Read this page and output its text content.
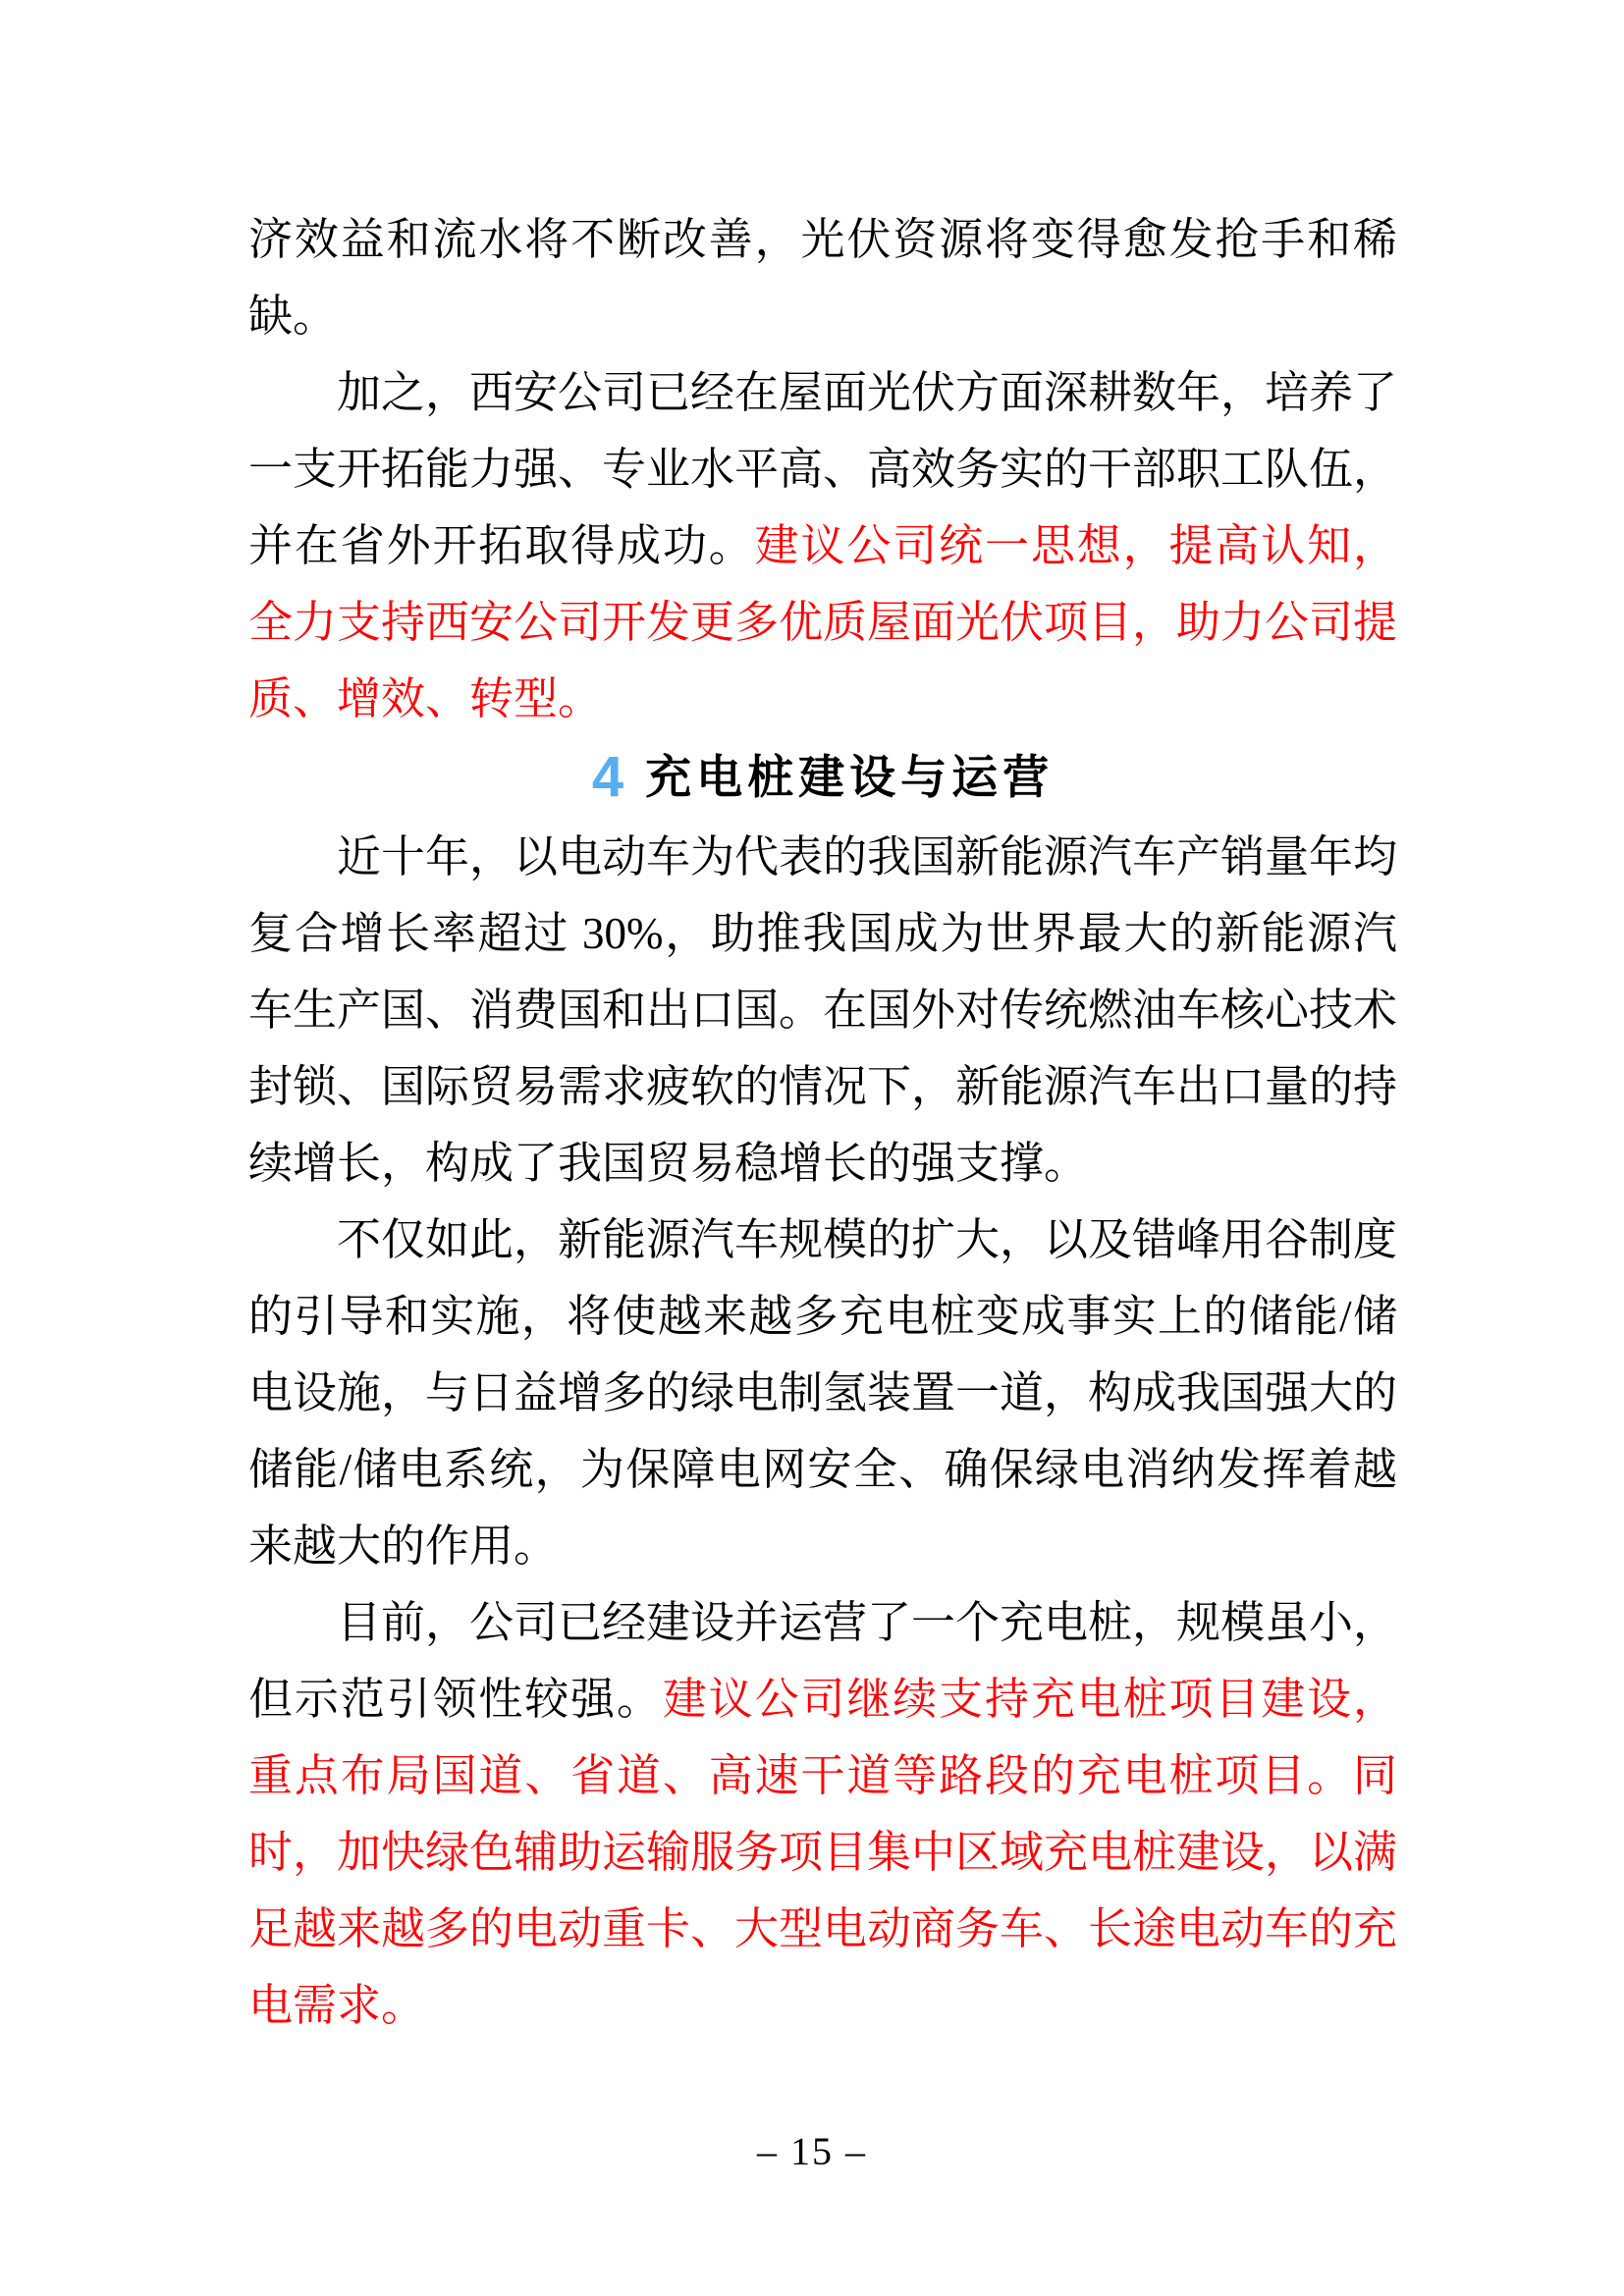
济效益和流水将不断改善，光伏资源将变得愈发抢手和稀缺。

加之，西安公司已经在屋面光伏方面深耕数年，培养了一支开拓能力强、专业水平高、高效务实的干部职工队伍，并在省外开拓取得成功。建议公司统一思想，提高认知，全力支持西安公司开发更多优质屋面光伏项目，助力公司提质、增效、转型。

4 充电桩建设与运营

近十年，以电动车为代表的我国新能源汽车产销量年均复合增长率超过 30%，助推我国成为世界最大的新能源汽车生产国、消费国和出口国。在国外对传统燃油车核心技术封锁、国际贸易需求疲软的情况下，新能源汽车出口量的持续增长，构成了我国贸易稳增长的强支撑。

不仅如此，新能源汽车规模的扩大，以及错峰用谷制度的引导和实施，将使越来越多充电桩变成事实上的储能/储电设施，与日益增多的绿电制氢装置一道，构成我国强大的储能/储电系统，为保障电网安全、确保绿电消纳发挥着越来越大的作用。

目前，公司已经建设并运营了一个充电桩，规模虽小，但示范引领性较强。建议公司继续支持充电桩项目建设，重点布局国道、省道、高速干道等路段的充电桩项目。同时，加快绿色辅助运输服务项目集中区域充电桩建设，以满足越来越多的电动重卡、大型电动商务车、长途电动车的充电需求。

– 15 –
